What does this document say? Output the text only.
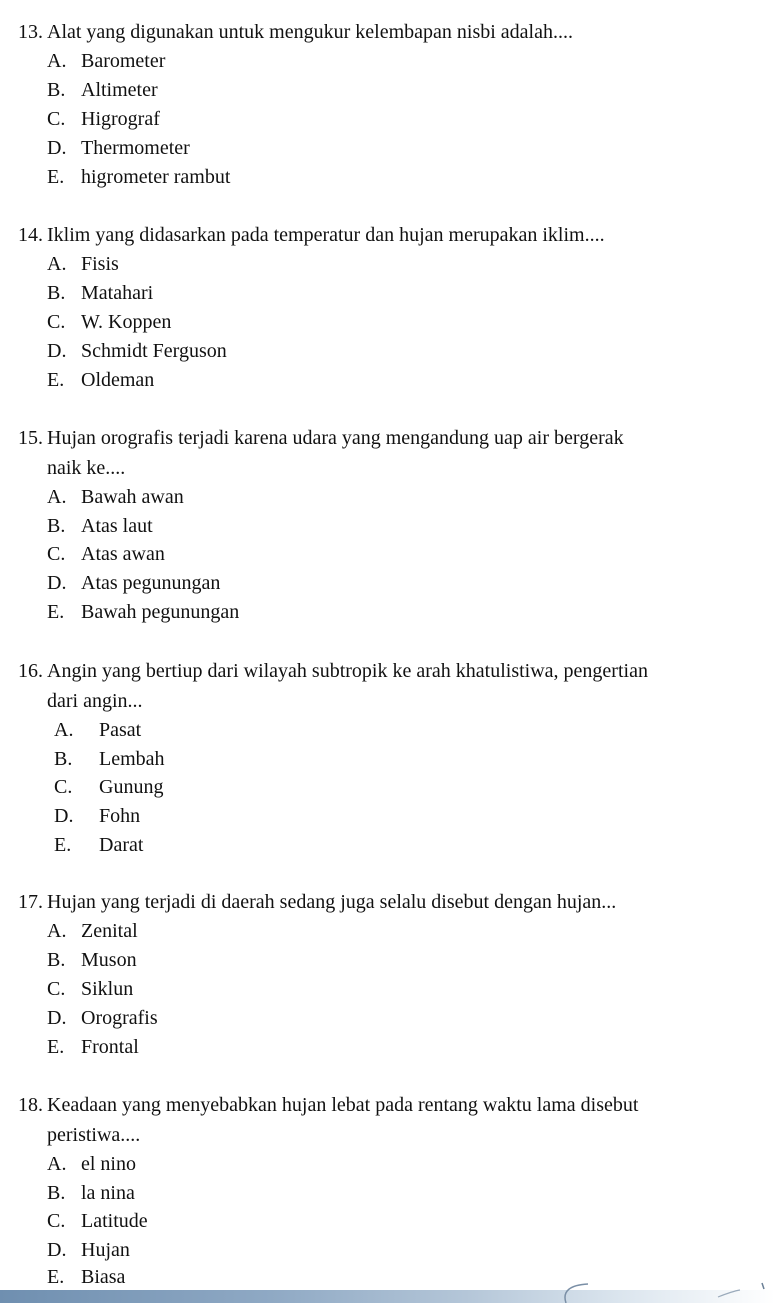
13. Alat yang digunakan untuk mengukur kelembapan nisbi adalah....
A. Barometer
B. Altimeter
C. Higrograf
D. Thermometer
E. higrometer rambut
14. Iklim yang didasarkan pada temperatur dan hujan merupakan iklim....
A. Fisis
B. Matahari
C. W. Koppen
D. Schmidt Ferguson
E. Oldeman
15. Hujan orografis terjadi karena udara yang mengandung uap air bergerak
naik ke....
A. Bawah awan
B. Atas laut
C. Atas awan
D. Atas pegunungan
E. Bawah pegunungan
16. Angin yang bertiup dari wilayah subtropik ke arah khatulistiwa, pengertian
dari angin...
A. Pasat
B. Lembah
C. Gunung
D. Fohn
E. Darat
17. Hujan yang terjadi di daerah sedang juga selalu disebut dengan hujan...
A. Zenital
B. Muson
C. Siklun
D. Orografis
E. Frontal
18. Keadaan yang menyebabkan hujan lebat pada rentang waktu lama disebut
peristiwa....
A. el nino
B. la nina
C. Latitude
D. Hujan
E. Biasa
